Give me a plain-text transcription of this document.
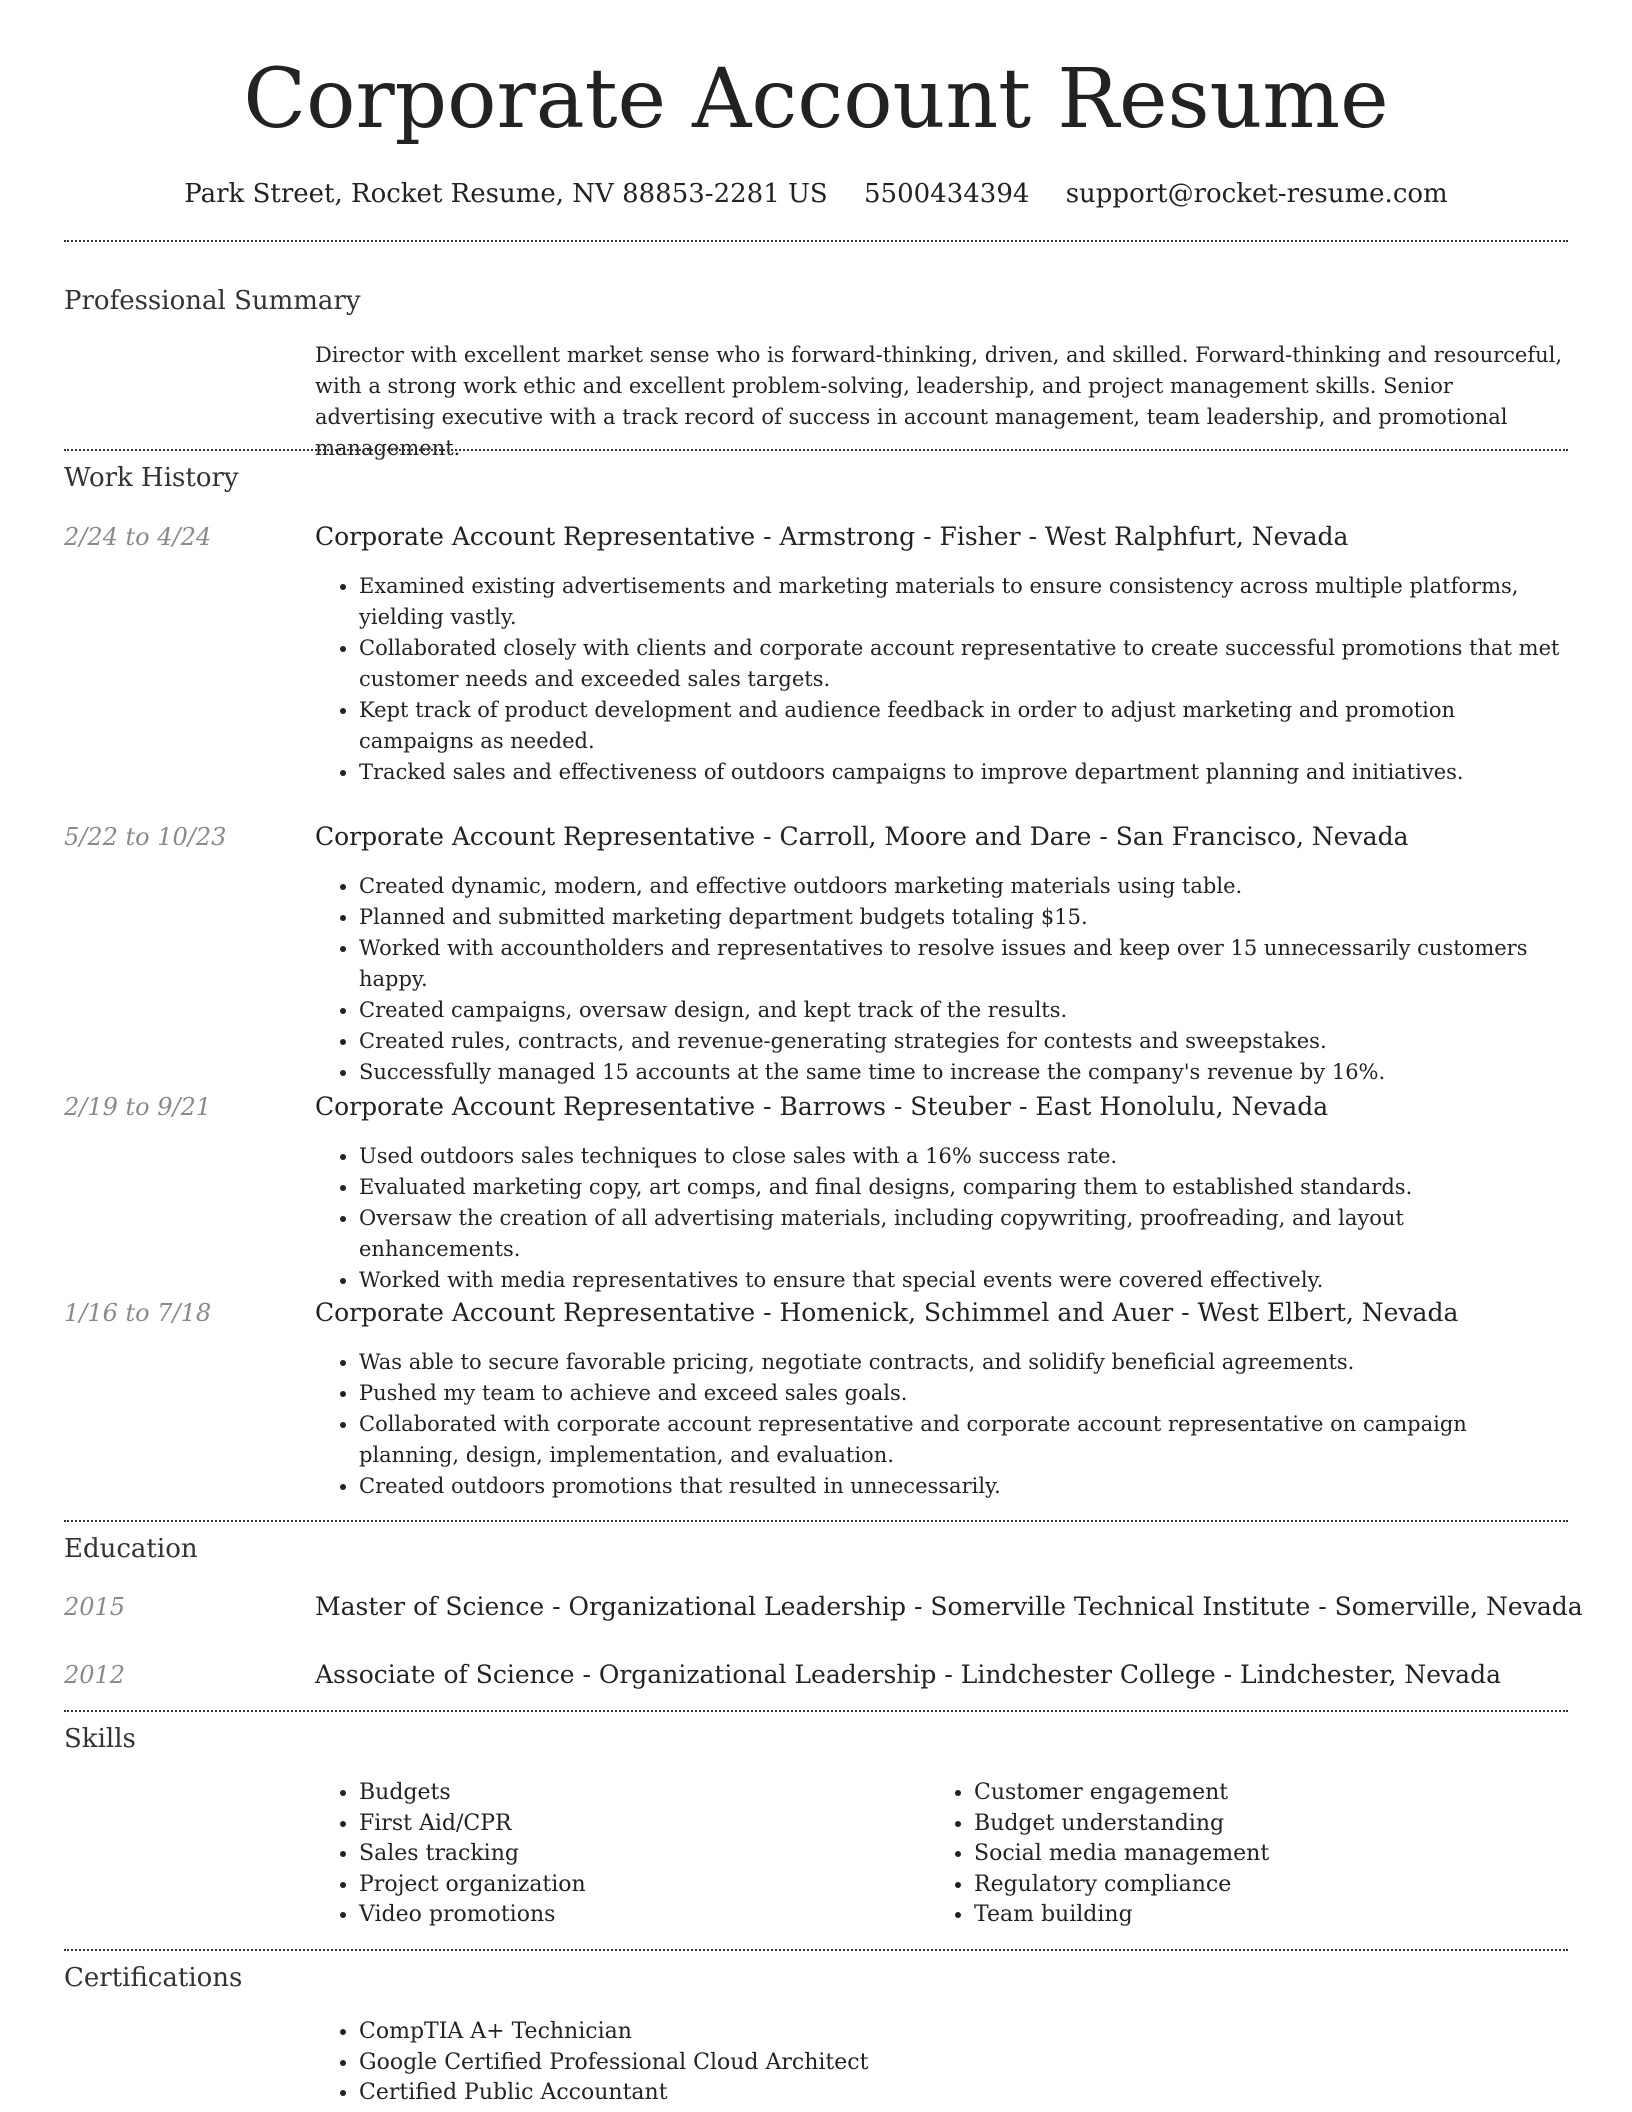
Corporate Account Resume
Park Street, Rocket Resume, NV 88853-2281 US 5500434394 support@rocket-resume.com
Professional Summary

Director with excellent market sense who is forward-thinking, driven, and skilled. Forward-thinking and resourceful, with a strong work ethic and excellent problem-solving, leadership, and project management skills. Senior advertising executive with a track record of success in account management, team leadership, and promotional management.

Work History
2/24 to 4/24	Corporate Account Representative - Armstrong - Fisher - West Ralphfurt, Nevada
• Examined existing advertisements and marketing materials to ensure consistency across multiple platforms, yielding vastly.
• Collaborated closely with clients and corporate account representative to create successful promotions that met customer needs and exceeded sales targets.
• Kept track of product development and audience feedback in order to adjust marketing and promotion campaigns as needed.
• Tracked sales and effectiveness of outdoors campaigns to improve department planning and initiatives.
5/22 to 10/23	Corporate Account Representative - Carroll, Moore and Dare - San Francisco, Nevada
• Created dynamic, modern, and effective outdoors marketing materials using table.
• Planned and submitted marketing department budgets totaling $15.
• Worked with accountholders and representatives to resolve issues and keep over 15 unnecessarily customers happy.
• Created campaigns, oversaw design, and kept track of the results.
• Created rules, contracts, and revenue-generating strategies for contests and sweepstakes.
• Successfully managed 15 accounts at the same time to increase the company's revenue by 16%.
2/19 to 9/21	Corporate Account Representative - Barrows - Steuber - East Honolulu, Nevada
• Used outdoors sales techniques to close sales with a 16% success rate.
• Evaluated marketing copy, art comps, and final designs, comparing them to established standards.
• Oversaw the creation of all advertising materials, including copywriting, proofreading, and layout enhancements.
• Worked with media representatives to ensure that special events were covered effectively.
1/16 to 7/18	Corporate Account Representative - Homenick, Schimmel and Auer - West Elbert, Nevada
• Was able to secure favorable pricing, negotiate contracts, and solidify beneficial agreements.
• Pushed my team to achieve and exceed sales goals.
• Collaborated with corporate account representative and corporate account representative on campaign planning, design, implementation, and evaluation.
• Created outdoors promotions that resulted in unnecessarily.
Education
2015	Master of Science - Organizational Leadership - Somerville Technical Institute - Somerville, Nevada
2012	Associate of Science - Organizational Leadership - Lindchester College - Lindchester, Nevada
Skills
• Budgets
• First Aid/CPR
• Sales tracking
• Project organization
• Video promotions
• Customer engagement
• Budget understanding
• Social media management
• Regulatory compliance
• Team building
Certifications
• CompTIA A+ Technician
• Google Certified Professional Cloud Architect
• Certified Public Accountant
